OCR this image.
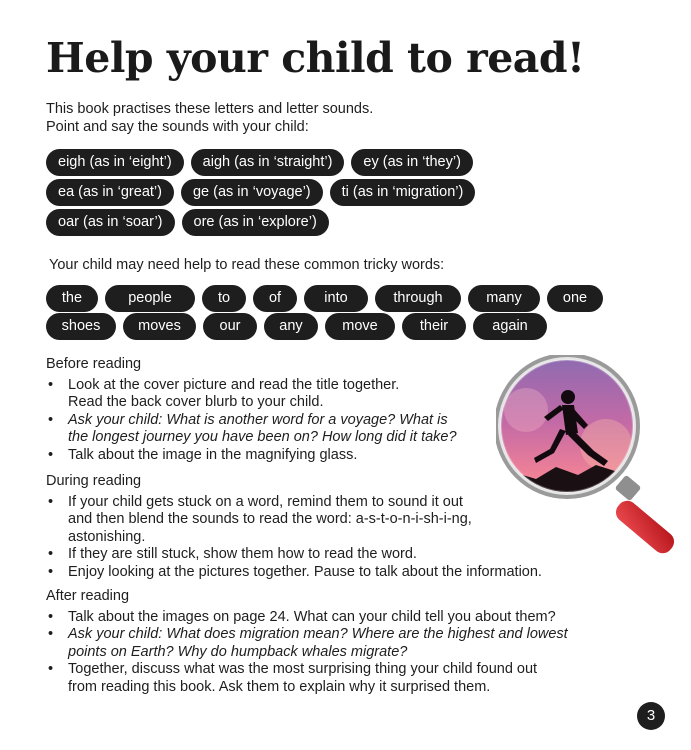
Help your child to read!
This book practises these letters and letter sounds.
Point and say the sounds with your child:
eigh (as in ‘eight’)	aigh (as in ‘straight’)	ey (as in ‘they’)
ea (as in ‘great’)	ge (as in ‘voyage’)	ti (as in ‘migration’)
oar (as in ‘soar’)	ore (as in ‘explore’)
Your child may need help to read these common tricky words:
the	people	to	of	into	through	many	one
shoes	moves	our	any	move	their	again
Before reading
• Look at the cover picture and read the title together.
Read the back cover blurb to your child.
• Ask your child: What is another word for a voyage? What is
the longest journey you have been on? How long did it take?
• Talk about the image in the magnifying glass.
During reading
• If your child gets stuck on a word, remind them to sound it out
and then blend the sounds to read the word: a-s-t-o-n-i-sh-i-ng,
astonishing.
• If they are still stuck, show them how to read the word.
• Enjoy looking at the pictures together. Pause to talk about the information.
After reading
• Talk about the images on page 24. What can your child tell you about them?
• Ask your child: What does migration mean? Where are the highest and lowest
points on Earth? Why do humpback whales migrate?
• Together, discuss what was the most surprising thing your child found out
from reading this book. Ask them to explain why it surprised them.
3
